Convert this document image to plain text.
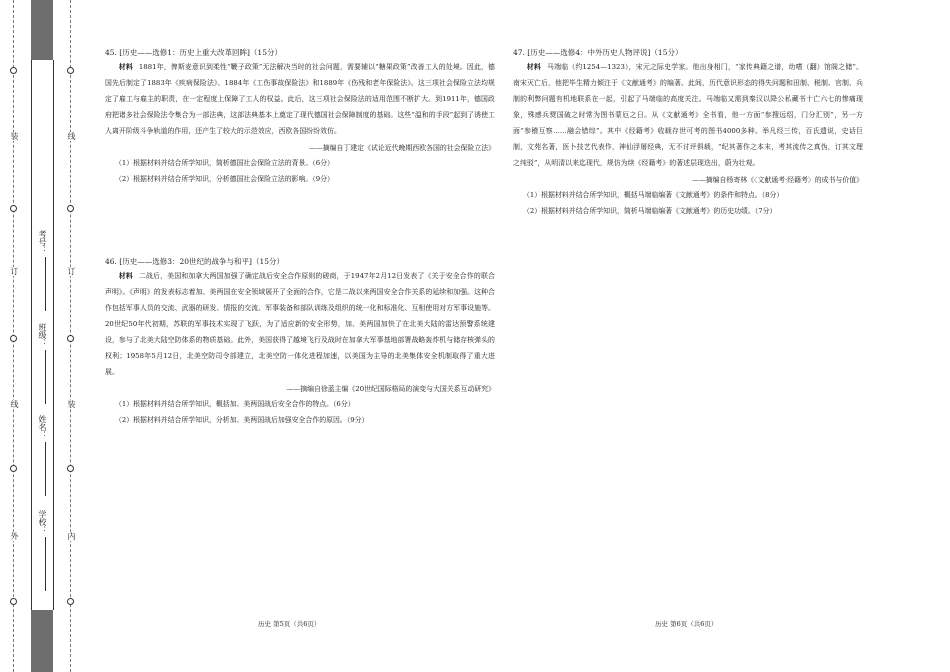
装
订
线
外
线
订
装
内
学校：
姓名：
班级：
考号：

45. [历史——选修1：历史上重大改革回眸]（15分）

材料 1881年，俾斯麦意识到柔性“鞭子政策”无法解决当时的社会问题，需要辅以“糖果政策”改善工人的处境。因此，德国先后制定了1883年《疾病保险法》、1884年《工伤事故保险法》和1889年《伤残和老年保险法》。这三项社会保险立法均规定了雇工与雇主的职责，在一定程度上保障了工人的权益。此后，这三项社会保险法的适用范围不断扩大。到1911年，德国政府把诸多社会保险法令集合为一部法典，这部法典基本上奠定了现代德国社会保障制度的基础。这些“温和的手段”起到了诱使工人离开阶级斗争轨道的作用，还产生了较大的示范效应，西欧各国纷纷效仿。

——摘编自丁建定《试论近代晚期西欧各国的社会保险立法》

（1）根据材料并结合所学知识，简析德国社会保险立法的背景。（6分）

（2）根据材料并结合所学知识，分析德国社会保险立法的影响。（9分）

46. [历史——选修3：20世纪的战争与和平]（15分）

材料 二战后，美国和加拿大两国加强了确定战后安全合作原则的磋商，于1947年2月12日发表了《关于安全合作的联合声明》。《声明》的发表标志着加、美两国在安全领域展开了全面的合作，它是二战以来两国安全合作关系的延续和加强。这种合作包括军事人员的交流、武器的研发、情报的交流、军事装备和部队训练及组织的统一化和标准化、互相使用对方军事设施等。20世纪50年代初期，苏联的军事技术实现了飞跃，为了适应新的安全形势，加、美两国加快了在北美大陆的雷达预警系统建设，参与了北美大陆空防体系的物质基础。此外，美国获得了越境飞行及战时在加拿大军事基地部署战略轰炸机与储存核弹头的权利；1958年5月12日，北美空防司令部建立，北美空防一体化进程加速，以美国为主导的北美集体安全机制取得了重大进展。

——摘编自徐蓝主编《20世纪国际格局的演变与大国关系互动研究》

（1）根据材料并结合所学知识，概括加、美两国战后安全合作的特点。（6分）

（2）根据材料并结合所学知识，分析加、美两国战后加强安全合作的原因。（9分）

47. [历史——选修4：中外历史人物评说]（15分）

材料 马端临（约1254—1323），宋元之际史学家。他出身相门，“家传典籍之谱，幼嗜（翻）馆阁之储”。南宋灭亡后，他把毕生精力倾注于《文献通考》的编著。此间，历代意识形态的得失问题和田制、税制、官制、兵制的利弊问题有机地联系在一起，引起了马端临的高度关注。马端临又需到秦汉以降公私藏书十亡六七的惨痛现象，殊感兵燹国破之时常为图书蒙厄之日。从《文献通考》全书看，他一方面“参搜远绍，门分汇别”，另一方面“参稽互察……融会错综”。其中《经籍考》收载存世可考的图书4000多种。举凡经三传，百氏遗说，史话巨制，文苑名著，医卜技艺代表作，神仙浮屠经典，无不讨评俱载，“纪其著作之本末，考其流传之真伪，订其文理之纯驳”，从明清以来迄现代，规仿为续《经籍考》的著述层现迭出，蔚为壮观。

——摘编自杨寄林《〈文献通考·经籍考〉的成书与价值》

（1）根据材料并结合所学知识，概括马端临编著《文献通考》的条件和特点。（8分）

（2）根据材料并结合所学知识，简析马端临编著《文献通考》的历史功绩。（7分）

历史 第5页（共6页）	历史 第6页（共6页）
